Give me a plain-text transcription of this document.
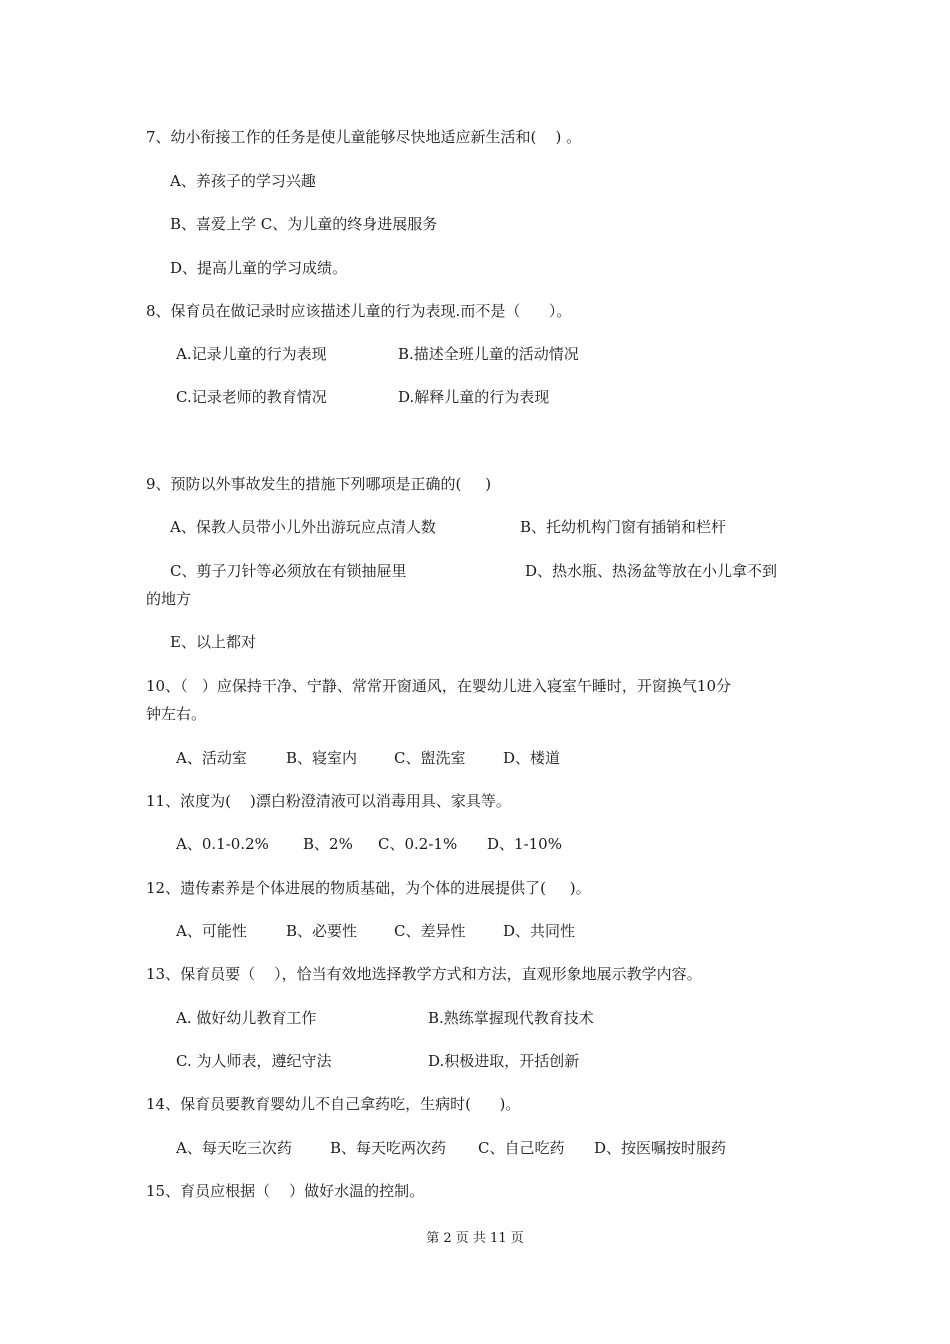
7、幼小衔接工作的任务是使儿童能够尽快地适应新生活和(    ) 。
A、养孩子的学习兴趣
B、喜爱上学 C、为儿童的终身进展服务
D、提高儿童的学习成绩。
8、保育员在做记录时应该描述儿童的行为表现.而不是（      ）。
A.记录儿童的行为表现	B.描述全班儿童的活动情况
C.记录老师的教育情况	D.解释儿童的行为表现
9、预防以外事故发生的措施下列哪项是正确的(     )
A、保教人员带小儿外出游玩应点清人数	B、托幼机构门窗有插销和栏杆
C、剪子刀针等必须放在有锁抽屉里	D、热水瓶、热汤盆等放在小儿拿不到
的地方
E、以上都对
10、（   ）应保持干净、宁静、常常开窗通风，在婴幼儿进入寝室午睡时，开窗换气10分
钟左右。
A、活动室	B、寝室内 C、盥洗室	D、楼道
11、浓度为(    )漂白粉澄清液可以消毒用具、家具等。
A、0.1-0.2% B、2% C、0.2-1% D、1-10%
12、遗传素养是个体进展的物质基础，为个体的进展提供了(     )。
A、可能性	B、必要性 C、差异性	D、共同性
13、保育员要（    ），恰当有效地选择教学方式和方法，直观形象地展示教学内容。
A. 做好幼儿教育工作	B.熟练掌握现代教育技术
C. 为人师表，遵纪守法	D.积极进取，开括创新
14、保育员要教育婴幼儿不自己拿药吃，生病时(      )。
A、每天吃三次药	B、每天吃两次药 C、自己吃药 D、按医嘱按时服药
15、育员应根据（    ）做好水温的控制。
第 2 页 共 11 页
